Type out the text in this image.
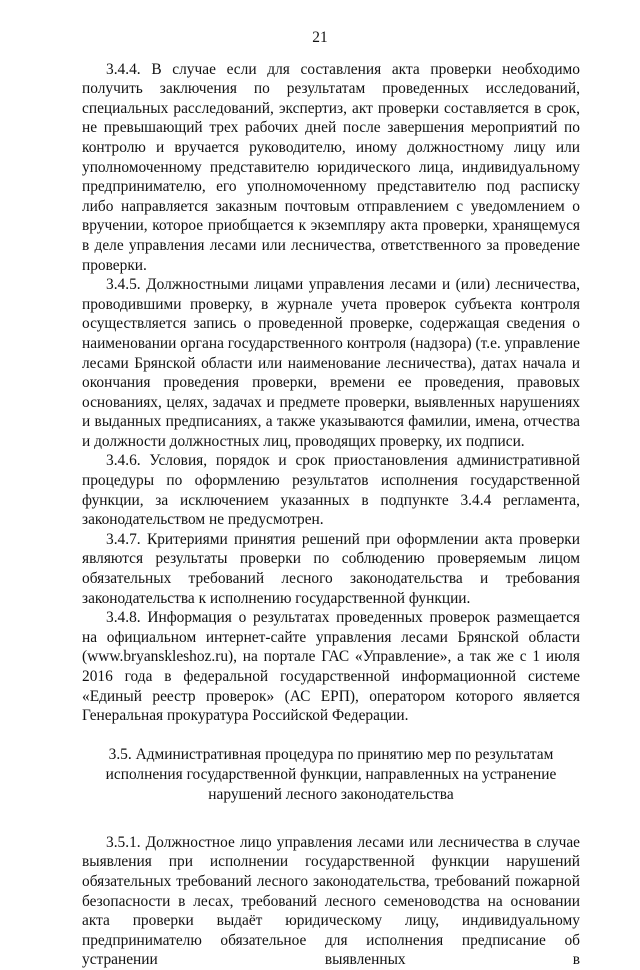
21

3.4.4. В случае если для составления акта проверки необходимо получить заключения по результатам проведенных исследований, специальных расследований, экспертиз, акт проверки составляется в срок, не превышающий трех рабочих дней после завершения мероприятий по контролю и вручается руководителю, иному должностному лицу или уполномоченному представителю юридического лица, индивидуальному предпринимателю, его уполномоченному представителю под расписку либо направляется заказным почтовым отправлением с уведомлением о вручении, которое приобщается к экземпляру акта проверки, хранящемуся в деле управления лесами или лесничества, ответственного за проведение проверки.

3.4.5. Должностными лицами управления лесами и (или) лесничества, проводившими проверку, в журнале учета проверок субъекта контроля осуществляется запись о проведенной проверке, содержащая сведения о наименовании органа государственного контроля (надзора) (т.е. управление лесами Брянской области или наименование лесничества), датах начала и окончания проведения проверки, времени ее проведения, правовых основаниях, целях, задачах и предмете проверки, выявленных нарушениях и выданных предписаниях, а также указываются фамилии, имена, отчества и должности должностных лиц, проводящих проверку, их подписи.

3.4.6. Условия, порядок и срок приостановления административной процедуры по оформлению результатов исполнения государственной функции, за исключением указанных в подпункте 3.4.4 регламента, законодательством не предусмотрен.

3.4.7. Критериями принятия решений при оформлении акта проверки являются результаты проверки по соблюдению проверяемым лицом обязательных требований лесного законодательства и требования законодательства к исполнению государственной функции.

3.4.8. Информация о результатах проведенных проверок размещается на официальном интернет-сайте управления лесами Брянской области (www.bryanskleshoz.ru), на портале ГАС «Управление», а так же с 1 июля 2016 года в федеральной государственной информационной системе «Единый реестр проверок» (АС ЕРП), оператором которого является Генеральная прокуратура Российской Федерации.

3.5. Административная процедура по принятию мер по результатам исполнения государственной функции, направленных на устранение нарушений лесного законодательства

3.5.1. Должностное лицо управления лесами или лесничества в случае выявления при исполнении государственной функции нарушений обязательных требований лесного законодательства, требований пожарной безопасности в лесах, требований лесного семеноводства на основании акта проверки выдаёт юридическому лицу, индивидуальному предпринимателю обязательное для исполнения предписание об устранении выявленных в
